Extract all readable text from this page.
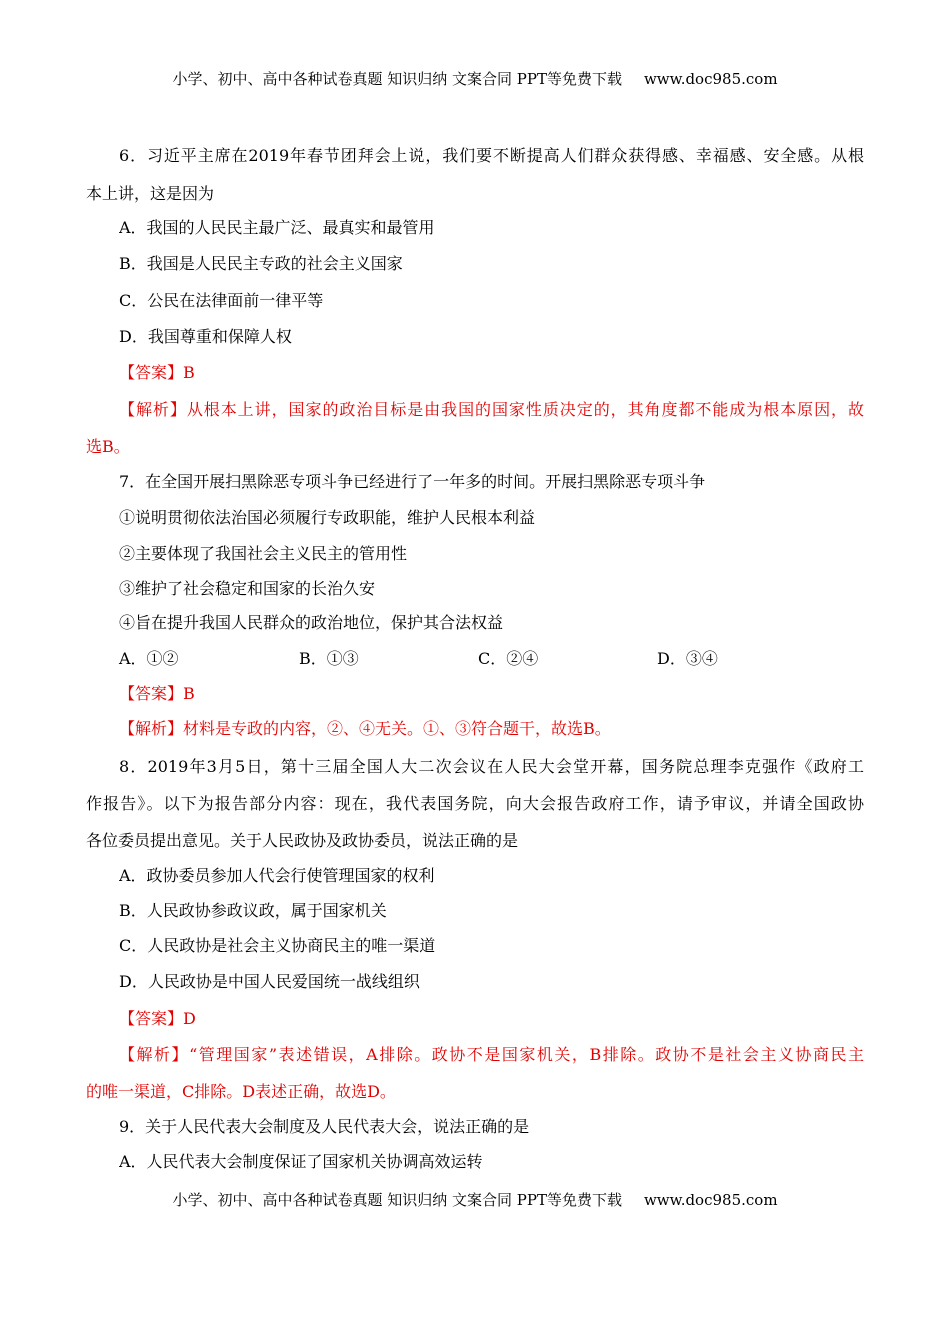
小学、初中、高中各种试卷真题 知识归纳 文案合同 PPT等免费下载 www.doc985.com
6．习近平主席在2019年春节团拜会上说，我们要不断提高人们群众获得感、幸福感、安全感。从根
本上讲，这是因为
A．我国的人民民主最广泛、最真实和最管用
B．我国是人民民主专政的社会主义国家
C．公民在法律面前一律平等
D．我国尊重和保障人权
【答案】B
【解析】从根本上讲，国家的政治目标是由我国的国家性质决定的，其角度都不能成为根本原因，故
选B。
7．在全国开展扫黑除恶专项斗争已经进行了一年多的时间。开展扫黑除恶专项斗争
①说明贯彻依法治国必须履行专政职能，维护人民根本利益
②主要体现了我国社会主义民主的管用性
③维护了社会稳定和国家的长治久安
④旨在提升我国人民群众的政治地位，保护其合法权益
A．①②	B．①③	C．②④	D．③④
【答案】B
【解析】材料是专政的内容，②、④无关。①、③符合题干，故选B。
8．2019年3月5日，第十三届全国人大二次会议在人民大会堂开幕，国务院总理李克强作《政府工
作报告》。以下为报告部分内容：现在，我代表国务院，向大会报告政府工作，请予审议，并请全国政协
各位委员提出意见。关于人民政协及政协委员，说法正确的是
A．政协委员参加人代会行使管理国家的权利
B．人民政协参政议政，属于国家机关
C．人民政协是社会主义协商民主的唯一渠道
D．人民政协是中国人民爱国统一战线组织
【答案】D
【解析】“管理国家”表述错误，A排除。政协不是国家机关，B排除。政协不是社会主义协商民主
的唯一渠道，C排除。D表述正确，故选D。
9．关于人民代表大会制度及人民代表大会，说法正确的是
A．人民代表大会制度保证了国家机关协调高效运转
小学、初中、高中各种试卷真题 知识归纳 文案合同 PPT等免费下载 www.doc985.com
